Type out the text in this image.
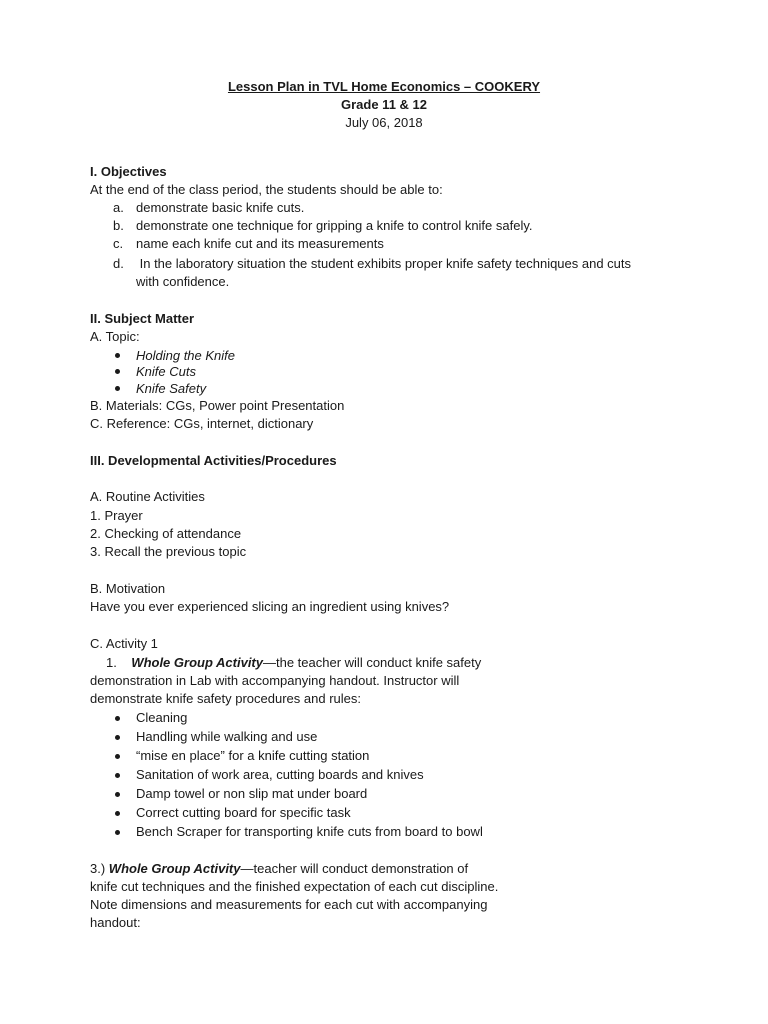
Lesson Plan in TVL Home Economics – COOKERY
Grade 11 & 12
July 06, 2018
I. Objectives
At the end of the class period, the students should be able to:
a. demonstrate basic knife cuts.
b. demonstrate one technique for gripping a knife to control knife safely.
c. name each knife cut and its measurements
d. In the laboratory situation the student exhibits proper knife safety techniques and cuts
with confidence.
II. Subject Matter
A. Topic:
Holding the Knife
Knife Cuts
Knife Safety
B. Materials: CGs, Power point Presentation
C. Reference: CGs, internet, dictionary
III. Developmental Activities/Procedures
A. Routine Activities
1. Prayer
2. Checking of attendance
3. Recall the previous topic
B. Motivation
Have you ever experienced slicing an ingredient using knives?
C. Activity 1
1. Whole Group Activity—the teacher will conduct knife safety
demonstration in Lab with accompanying handout. Instructor will
demonstrate knife safety procedures and rules:
Cleaning
Handling while walking and use
“mise en place” for a knife cutting station
Sanitation of work area, cutting boards and knives
Damp towel or non slip mat under board
Correct cutting board for specific task
Bench Scraper for transporting knife cuts from board to bowl
3.) Whole Group Activity—teacher will conduct demonstration of
knife cut techniques and the finished expectation of each cut discipline.
Note dimensions and measurements for each cut with accompanying
handout:
